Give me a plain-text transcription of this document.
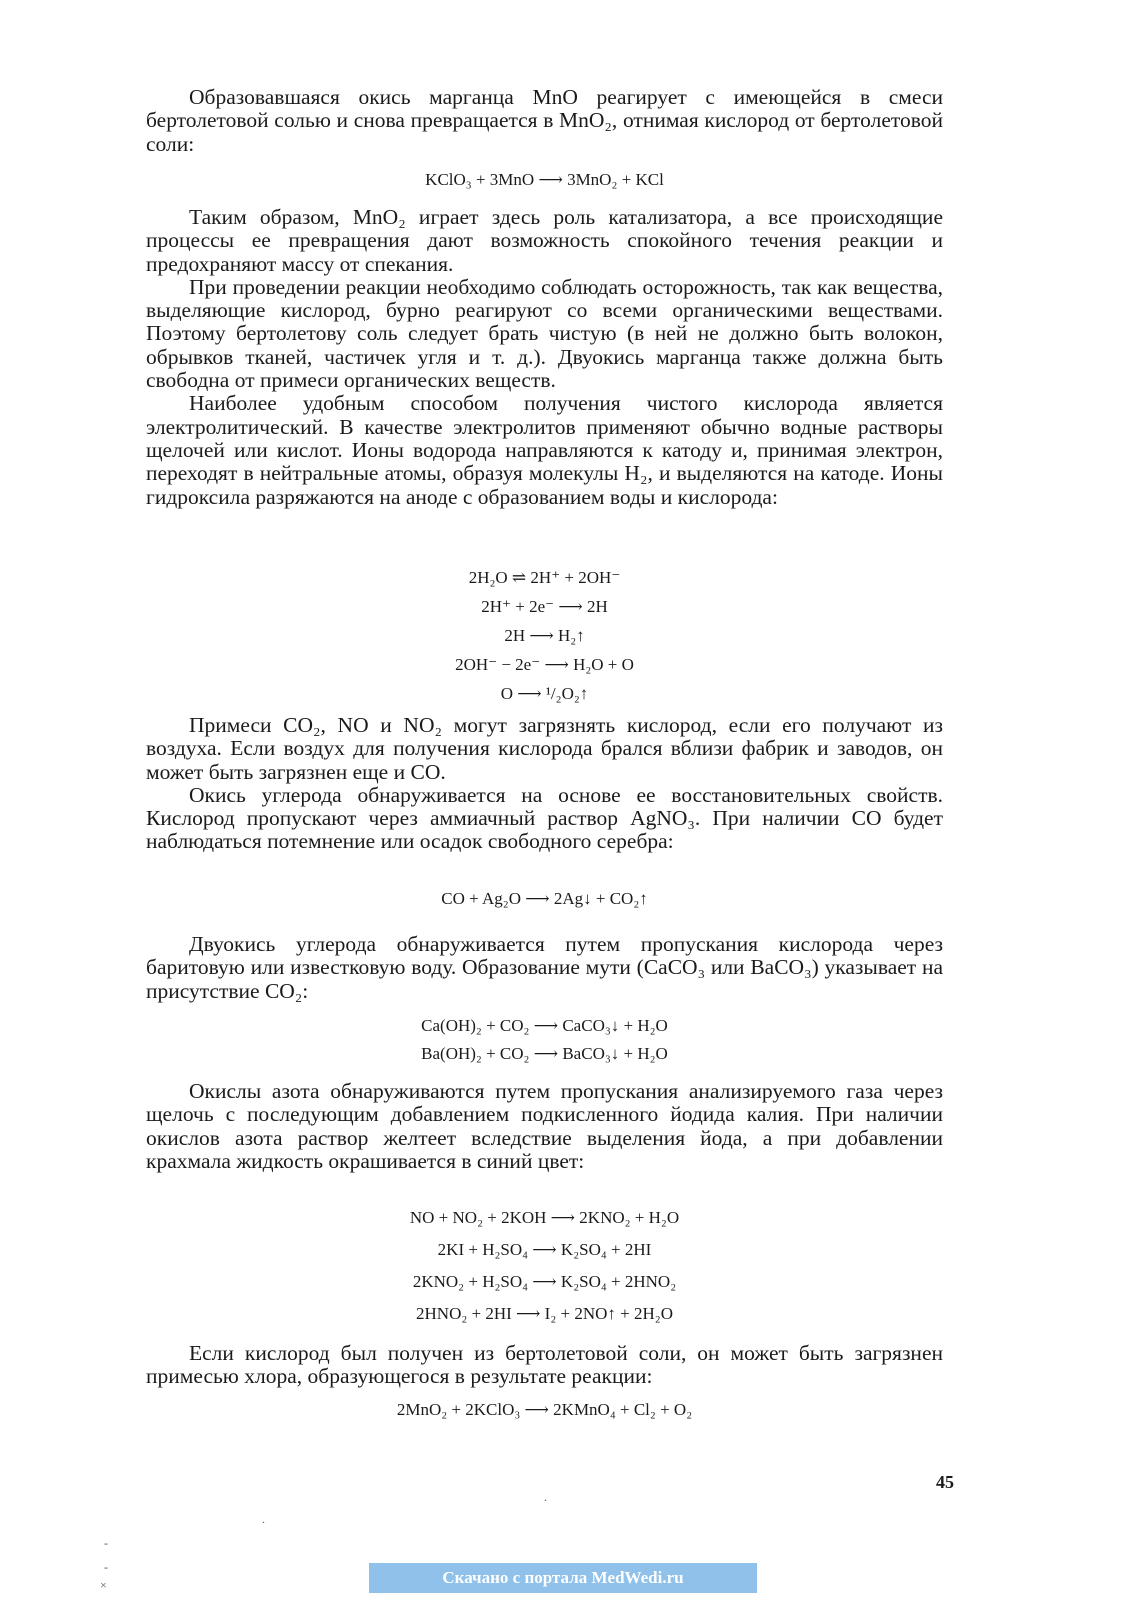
Образовавшаяся окись марганца MnO реагирует с имеющейся в смеси бертолетовой солью и снова превращается в MnO₂, отнимая кислород от бертолетовой соли:

KClO₃ + 3MnO ⟶ 3MnO₂ + KCl

Таким образом, MnO₂ играет здесь роль катализатора, а все происходящие процессы ее превращения дают возможность спокойного течения реакции и предохраняют массу от спекания.

При проведении реакции необходимо соблюдать осторожность, так как вещества, выделяющие кислород, бурно реагируют со всеми органическими веществами. Поэтому бертолетову соль следует брать чистую (в ней не должно быть волокон, обрывков тканей, частичек угля и т. д.). Двуокись марганца также должна быть свободна от примеси органических веществ.

Наиболее удобным способом получения чистого кислорода является электролитический. В качестве электролитов применяют обычно водные растворы щелочей или кислот. Ионы водорода направляются к катоду и, принимая электрон, переходят в нейтральные атомы, образуя молекулы H₂, и выделяются на катоде. Ионы гидроксила разряжаются на аноде с образованием воды и кислорода:

2H₂O ⇌ 2H⁺ + 2OH⁻
2H⁺ + 2e⁻ ⟶ 2H
2H ⟶ H₂↑
2OH⁻ − 2e⁻ ⟶ H₂O + O
O ⟶ ¹/₂O₂↑

Примеси CO₂, NO и NO₂ могут загрязнять кислород, если его получают из воздуха. Если воздух для получения кислорода брался вблизи фабрик и заводов, он может быть загрязнен еще и CO.

Окись углерода обнаруживается на основе ее восстановительных свойств. Кислород пропускают через аммиачный раствор AgNO₃. При наличии CO будет наблюдаться потемнение или осадок свободного серебра:

CO + Ag₂O ⟶ 2Ag↓ + CO₂↑

Двуокись углерода обнаруживается путем пропускания кислорода через баритовую или известковую воду. Образование мути (CaCO₃ или BaCO₃) указывает на присутствие CO₂:

Ca(OH)₂ + CO₂ ⟶ CaCO₃↓ + H₂O
Ba(OH)₂ + CO₂ ⟶ BaCO₃↓ + H₂O

Окислы азота обнаруживаются путем пропускания анализируемого газа через щелочь с последующим добавлением подкисленного йодида калия. При наличии окислов азота раствор желтеет вследствие выделения йода, а при добавлении крахмала жидкость окрашивается в синий цвет:

NO + NO₂ + 2KOH ⟶ 2KNO₂ + H₂O
2KI + H₂SO₄ ⟶ K₂SO₄ + 2HI
2KNO₂ + H₂SO₄ ⟶ K₂SO₄ + 2HNO₂
2HNO₂ + 2HI ⟶ I₂ + 2NO↑ + 2H₂O

Если кислород был получен из бертолетовой соли, он может быть загрязнен примесью хлора, образующегося в результате реакции:

2MnO₂ + 2KClO₃ ⟶ 2KMnO₄ + Cl₂ + O₂
45
.
.
-
-
×	Скачано с портала MedWedi.ru
